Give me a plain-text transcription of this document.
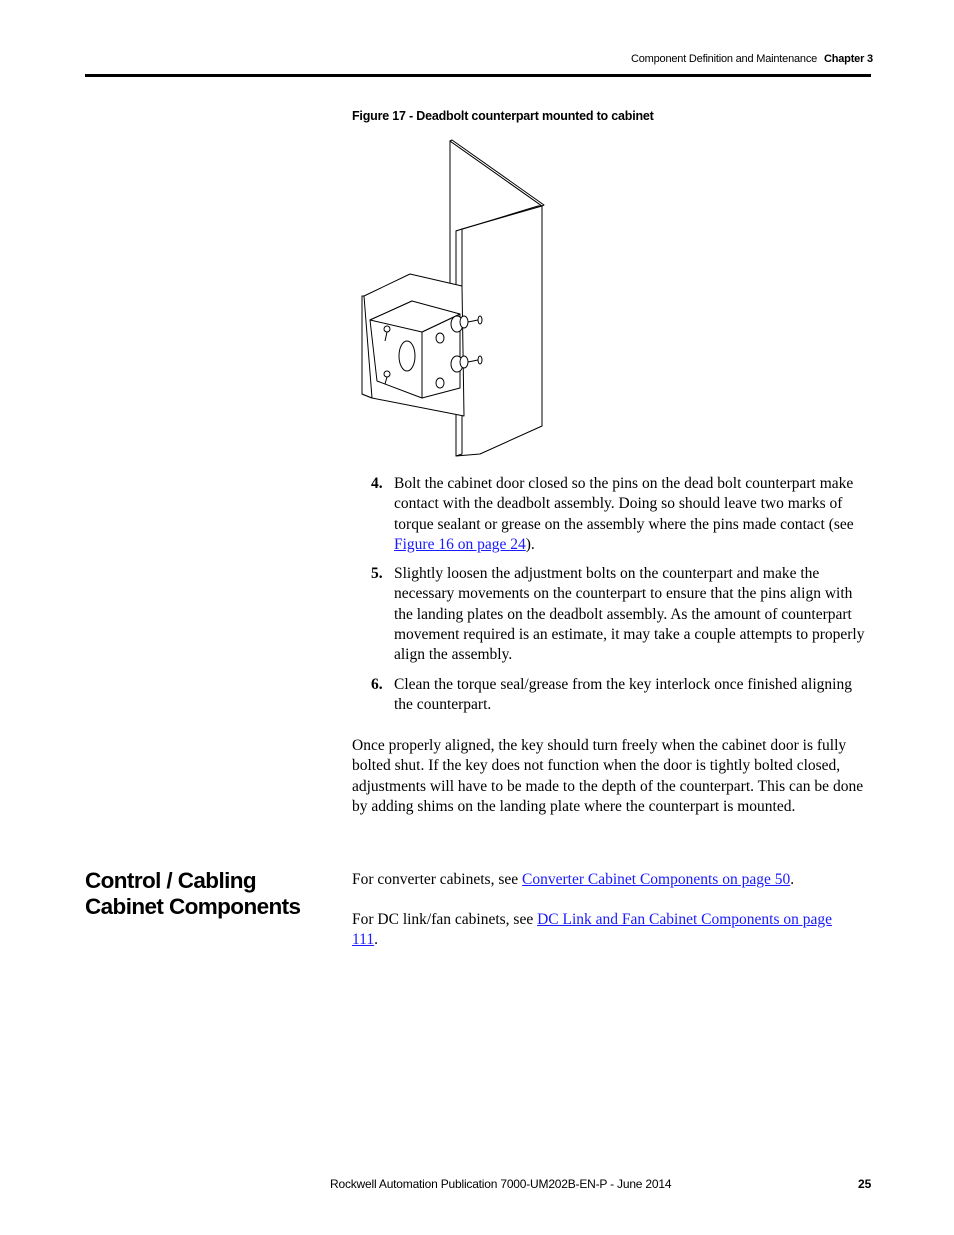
Component Definition and Maintenance Chapter 3
Figure 17 - Deadbolt counterpart mounted to cabinet
4. Bolt the cabinet door closed so the pins on the dead bolt counterpart make contact with the deadbolt assembly. Doing so should leave two marks of torque sealant or grease on the assembly where the pins made contact (see Figure 16 on page 24).
5. Slightly loosen the adjustment bolts on the counterpart and make the necessary movements on the counterpart to ensure that the pins align with the landing plates on the deadbolt assembly. As the amount of counterpart movement required is an estimate, it may take a couple attempts to properly align the assembly.
6. Clean the torque seal/grease from the key interlock once finished aligning the counterpart.
Once properly aligned, the key should turn freely when the cabinet door is fully bolted shut. If the key does not function when the door is tightly bolted closed, adjustments will have to be made to the depth of the counterpart. This can be done by adding shims on the landing plate where the counterpart is mounted.
Control / Cabling Cabinet Components
For converter cabinets, see Converter Cabinet Components on page 50.
For DC link/fan cabinets, see DC Link and Fan Cabinet Components on page 111.
Rockwell Automation Publication 7000-UM202B-EN-P - June 2014	25
